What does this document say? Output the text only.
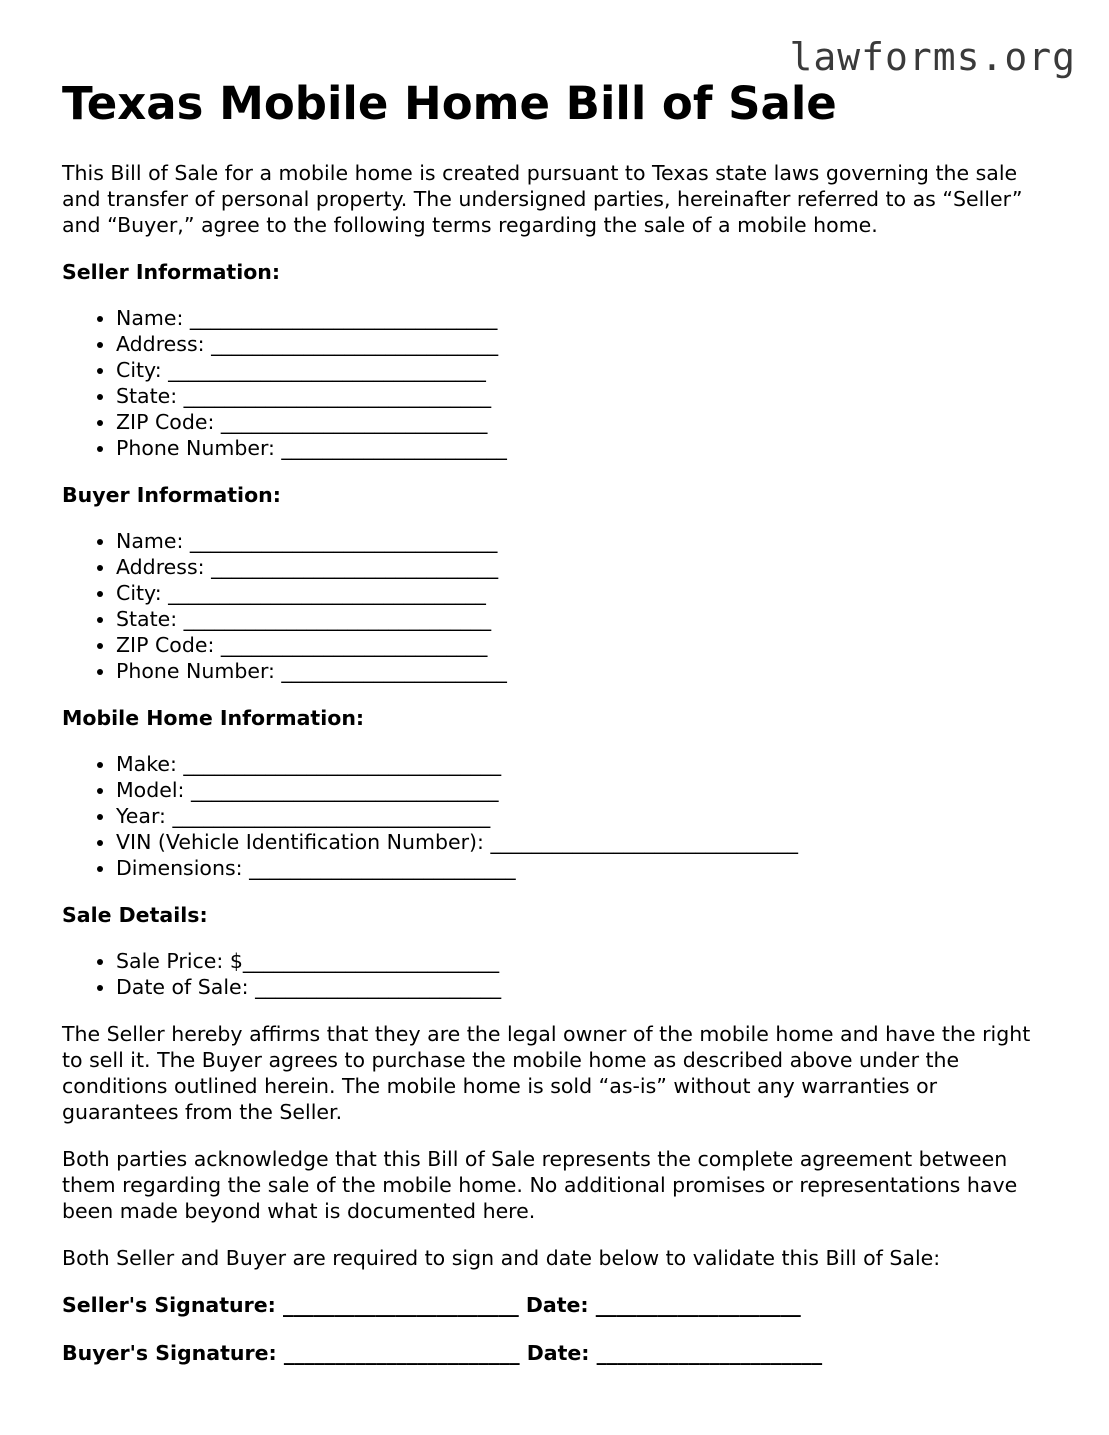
lawforms.org
Texas Mobile Home Bill of Sale

This Bill of Sale for a mobile home is created pursuant to Texas state laws governing the sale and transfer of personal property. The undersigned parties, hereinafter referred to as “Seller” and “Buyer,” agree to the following terms regarding the sale of a mobile home.

Seller Information:
• Name: ______________________________
• Address: ____________________________
• City: _______________________________
• State: ______________________________
• ZIP Code: __________________________
• Phone Number: ______________________
Buyer Information:
• Name: ______________________________
• Address: ____________________________
• City: _______________________________
• State: ______________________________
• ZIP Code: __________________________
• Phone Number: ______________________
Mobile Home Information:
• Make: _______________________________
• Model: ______________________________
• Year: _______________________________
• VIN (Vehicle Identification Number): ______________________________
• Dimensions: __________________________
Sale Details:
• Sale Price: $_________________________
• Date of Sale: ________________________

The Seller hereby affirms that they are the legal owner of the mobile home and have the right to sell it. The Buyer agrees to purchase the mobile home as described above under the conditions outlined herein. The mobile home is sold “as-is” without any warranties or guarantees from the Seller.

Both parties acknowledge that this Bill of Sale represents the complete agreement between them regarding the sale of the mobile home. No additional promises or representations have been made beyond what is documented here.

Both Seller and Buyer are required to sign and date below to validate this Bill of Sale:

Seller's Signature: _______________________ Date: ____________________
Buyer's Signature: _______________________ Date: ______________________
